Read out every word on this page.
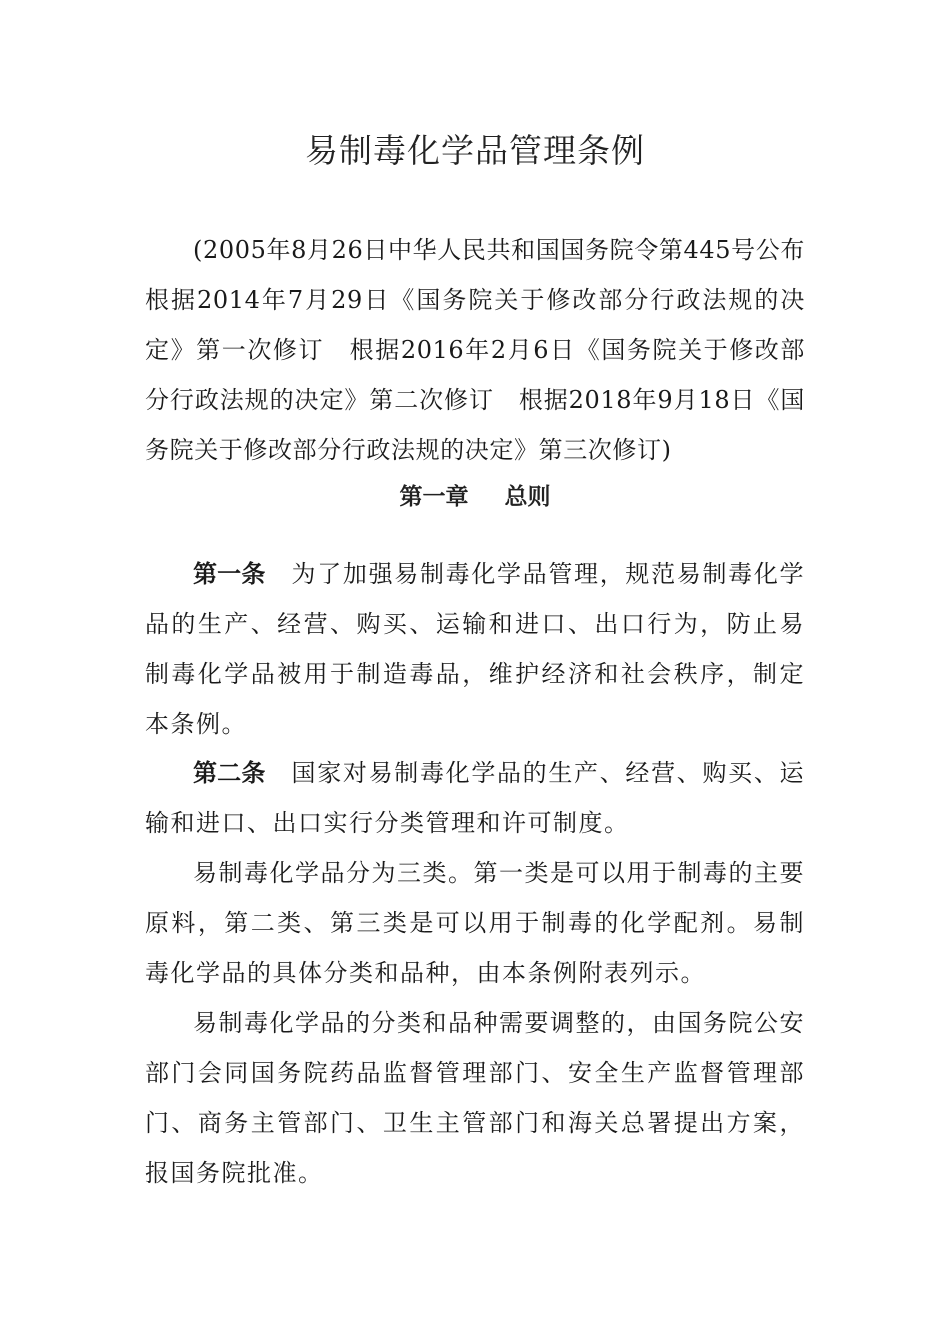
易制毒化学品管理条例

(2005年8月26日中华人民共和国国务院令第445号公布　根据2014年7月29日《国务院关于修改部分行政法规的决定》第一次修订　根据2016年2月6日《国务院关于修改部分行政法规的决定》第二次修订　根据2018年9月18日《国务院关于修改部分行政法规的决定》第三次修订)

第一章 总则

第一条 为了加强易制毒化学品管理，规范易制毒化学品的生产、经营、购买、运输和进口、出口行为，防止易制毒化学品被用于制造毒品，维护经济和社会秩序，制定本条例。

第二条 国家对易制毒化学品的生产、经营、购买、运输和进口、出口实行分类管理和许可制度。

易制毒化学品分为三类。第一类是可以用于制毒的主要原料，第二类、第三类是可以用于制毒的化学配剂。易制毒化学品的具体分类和品种，由本条例附表列示。

易制毒化学品的分类和品种需要调整的，由国务院公安部门会同国务院药品监督管理部门、安全生产监督管理部门、商务主管部门、卫生主管部门和海关总署提出方案，报国务院批准。
